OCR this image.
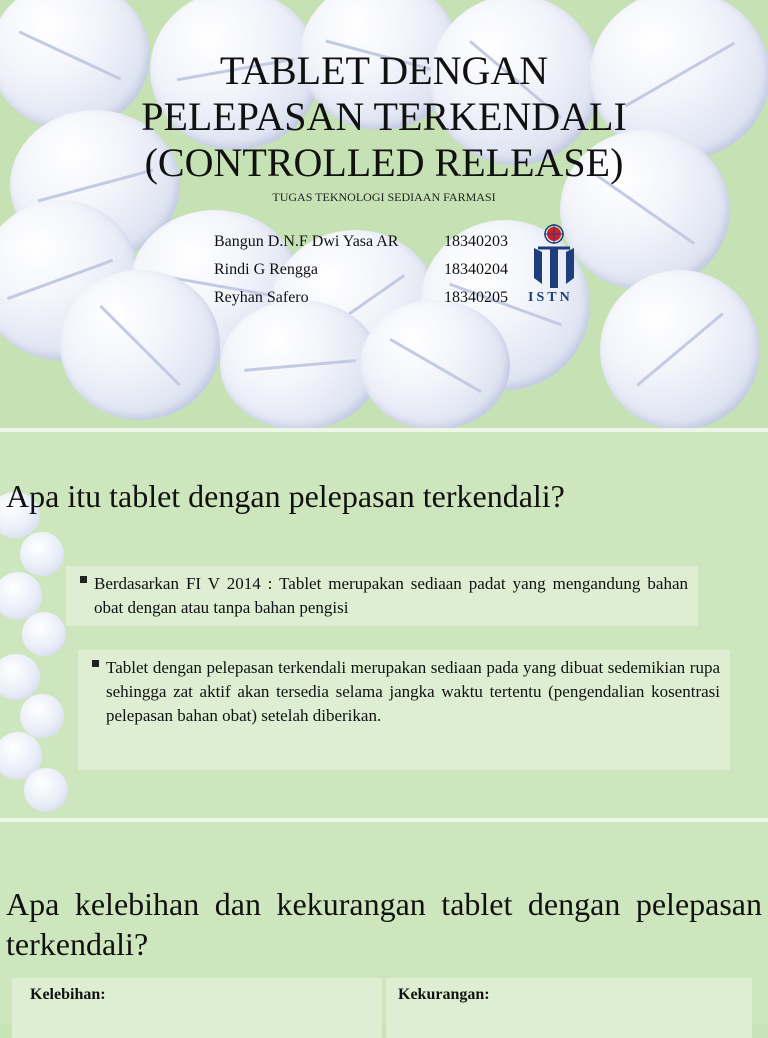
TABLET DENGAN
PELEPASAN TERKENDALI
(CONTROLLED RELEASE)
TUGAS TEKNOLOGI SEDIAAN FARMASI
Bangun D.N.F Dwi Yasa AR	18340203
Rindi G Rengga	18340204
Reyhan Safero	18340205 ISTN
Apa itu tablet dengan pelepasan terkendali?
Berdasarkan FI V 2014 : Tablet merupakan sediaan padat yang mengandung bahan obat dengan atau tanpa bahan pengisi
Tablet dengan pelepasan terkendali merupakan sediaan pada yang dibuat sedemikian rupa sehingga zat aktif akan tersedia selama jangka waktu tertentu (pengendalian kosentrasi pelepasan bahan obat) setelah diberikan.
Apa kelebihan dan kekurangan tablet dengan pelepasan terkendali?
Kelebihan:	Kekurangan:
